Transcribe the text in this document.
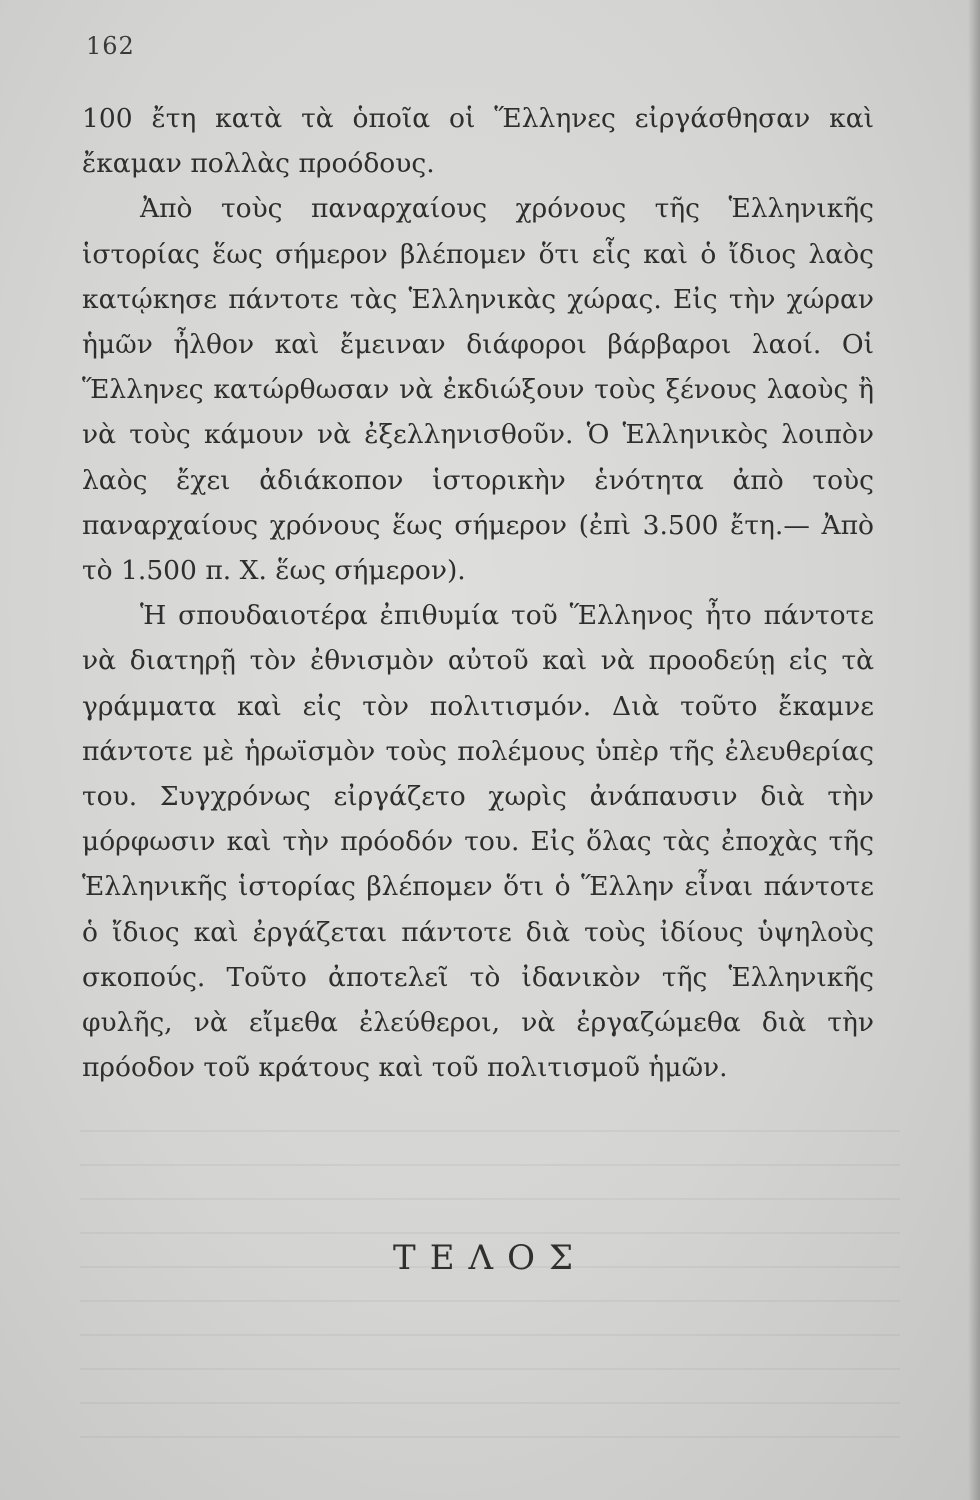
162

100 ἔτη κατὰ τὰ ὁποῖα οἱ Ἕλληνες εἰργάσθησαν καὶ ἔκαμαν πολλὰς προόδους.

Ἀπὸ τοὺς παναρχαίους χρόνους τῆς Ἑλληνικῆς ἱστορίας ἕως σήμερον βλέπομεν ὅτι εἷς καὶ ὁ ἴδιος λαὸς κατῴκησε πάντοτε τὰς Ἑλληνικὰς χώρας. Εἰς τὴν χώραν ἡμῶν ἦλθον καὶ ἔμειναν διάφοροι βάρβαροι λαοί. Οἱ Ἕλληνες κατώρθωσαν νὰ ἐκδιώξουν τοὺς ξένους λαοὺς ἢ νὰ τοὺς κάμουν νὰ ἐξελληνισθοῦν. Ὁ Ἑλληνικὸς λοιπὸν λαὸς ἔχει ἀδιάκοπον ἱστορικὴν ἑνότητα ἀπὸ τοὺς παναρχαίους χρόνους ἕως σήμερον (ἐπὶ 3.500 ἔτη.— Ἀπὸ τὸ 1.500 π. Χ. ἕως σήμερον).

Ἡ σπουδαιοτέρα ἐπιθυμία τοῦ Ἕλληνος ἦτο πάντοτε νὰ διατηρῇ τὸν ἐθνισμὸν αὐτοῦ καὶ νὰ προοδεύῃ εἰς τὰ γράμματα καὶ εἰς τὸν πολιτισμόν. Διὰ τοῦτο ἔκαμνε πάντοτε μὲ ἡρωϊσμὸν τοὺς πολέμους ὑπὲρ τῆς ἐλευθερίας του. Συγχρόνως εἰργάζετο χωρὶς ἀνάπαυσιν διὰ τὴν μόρφωσιν καὶ τὴν πρόοδόν του. Εἰς ὅλας τὰς ἐποχὰς τῆς Ἑλληνικῆς ἱστορίας βλέπομεν ὅτι ὁ Ἕλλην εἶναι πάντοτε ὁ ἴδιος καὶ ἐργάζεται πάντοτε διὰ τοὺς ἰδίους ὑψηλοὺς σκοπούς. Τοῦτο ἀποτελεῖ τὸ ἰδανικὸν τῆς Ἑλληνικῆς φυλῆς, νὰ εἴμεθα ἐλεύθεροι, νὰ ἐργαζώμεθα διὰ τὴν πρόοδον τοῦ κράτους καὶ τοῦ πολιτισμοῦ ἡμῶν.

ΤΕΛΟΣ
